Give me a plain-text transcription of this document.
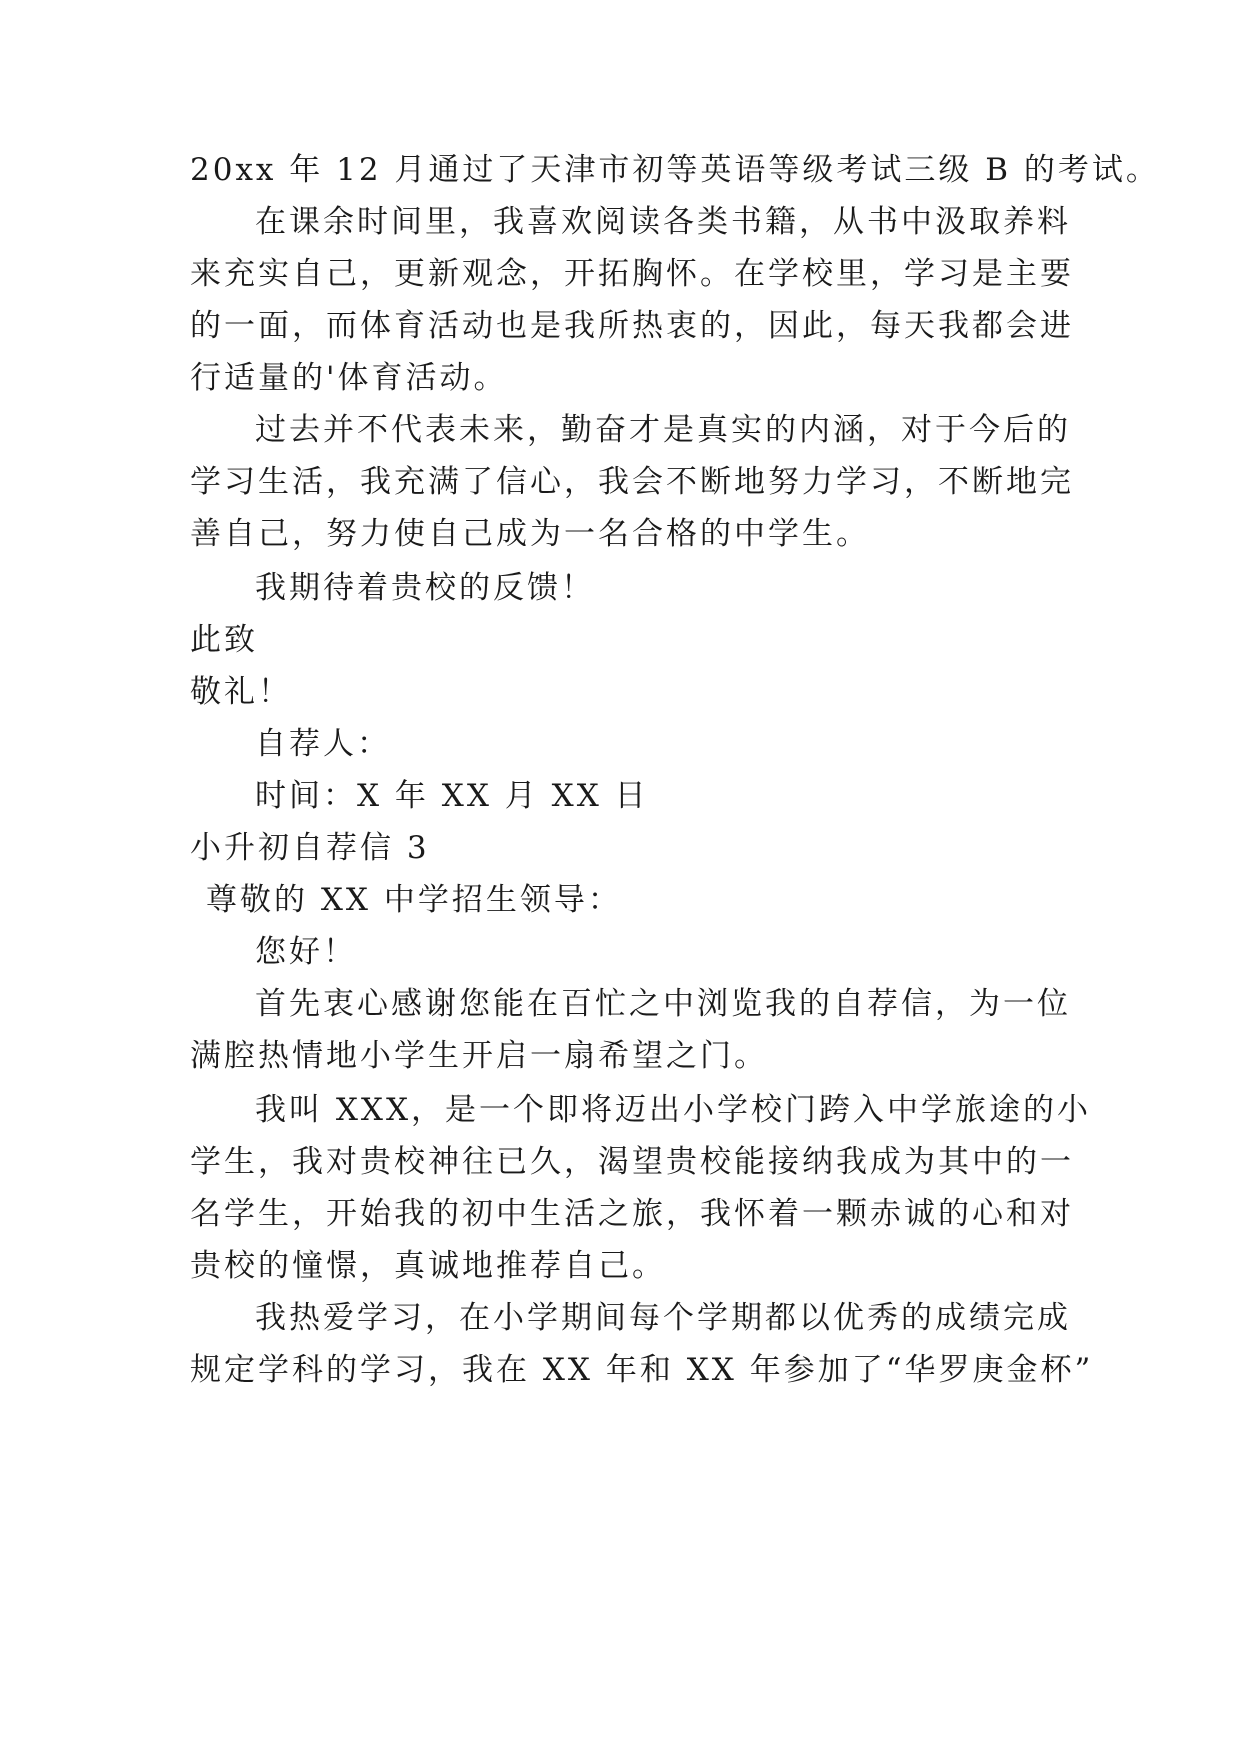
20xx 年 12 月通过了天津市初等英语等级考试三级 B 的考试。
在课余时间里，我喜欢阅读各类书籍，从书中汲取养料
来充实自己，更新观念，开拓胸怀。在学校里，学习是主要
的一面，而体育活动也是我所热衷的，因此，每天我都会进
行适量的'体育活动。
过去并不代表未来，勤奋才是真实的内涵，对于今后的
学习生活，我充满了信心，我会不断地努力学习，不断地完
善自己，努力使自己成为一名合格的中学生。
我期待着贵校的反馈！
此致
敬礼！
自荐人：
时间：X 年 XX 月 XX 日
小升初自荐信 3
尊敬的 XX 中学招生领导：
您好！
首先衷心感谢您能在百忙之中浏览我的自荐信，为一位
满腔热情地小学生开启一扇希望之门。
我叫 XXX，是一个即将迈出小学校门跨入中学旅途的小
学生，我对贵校神往已久，渴望贵校能接纳我成为其中的一
名学生，开始我的初中生活之旅，我怀着一颗赤诚的心和对
贵校的憧憬，真诚地推荐自己。
我热爱学习，在小学期间每个学期都以优秀的成绩完成
规定学科的学习，我在 XX 年和 XX 年参加了“华罗庚金杯”
